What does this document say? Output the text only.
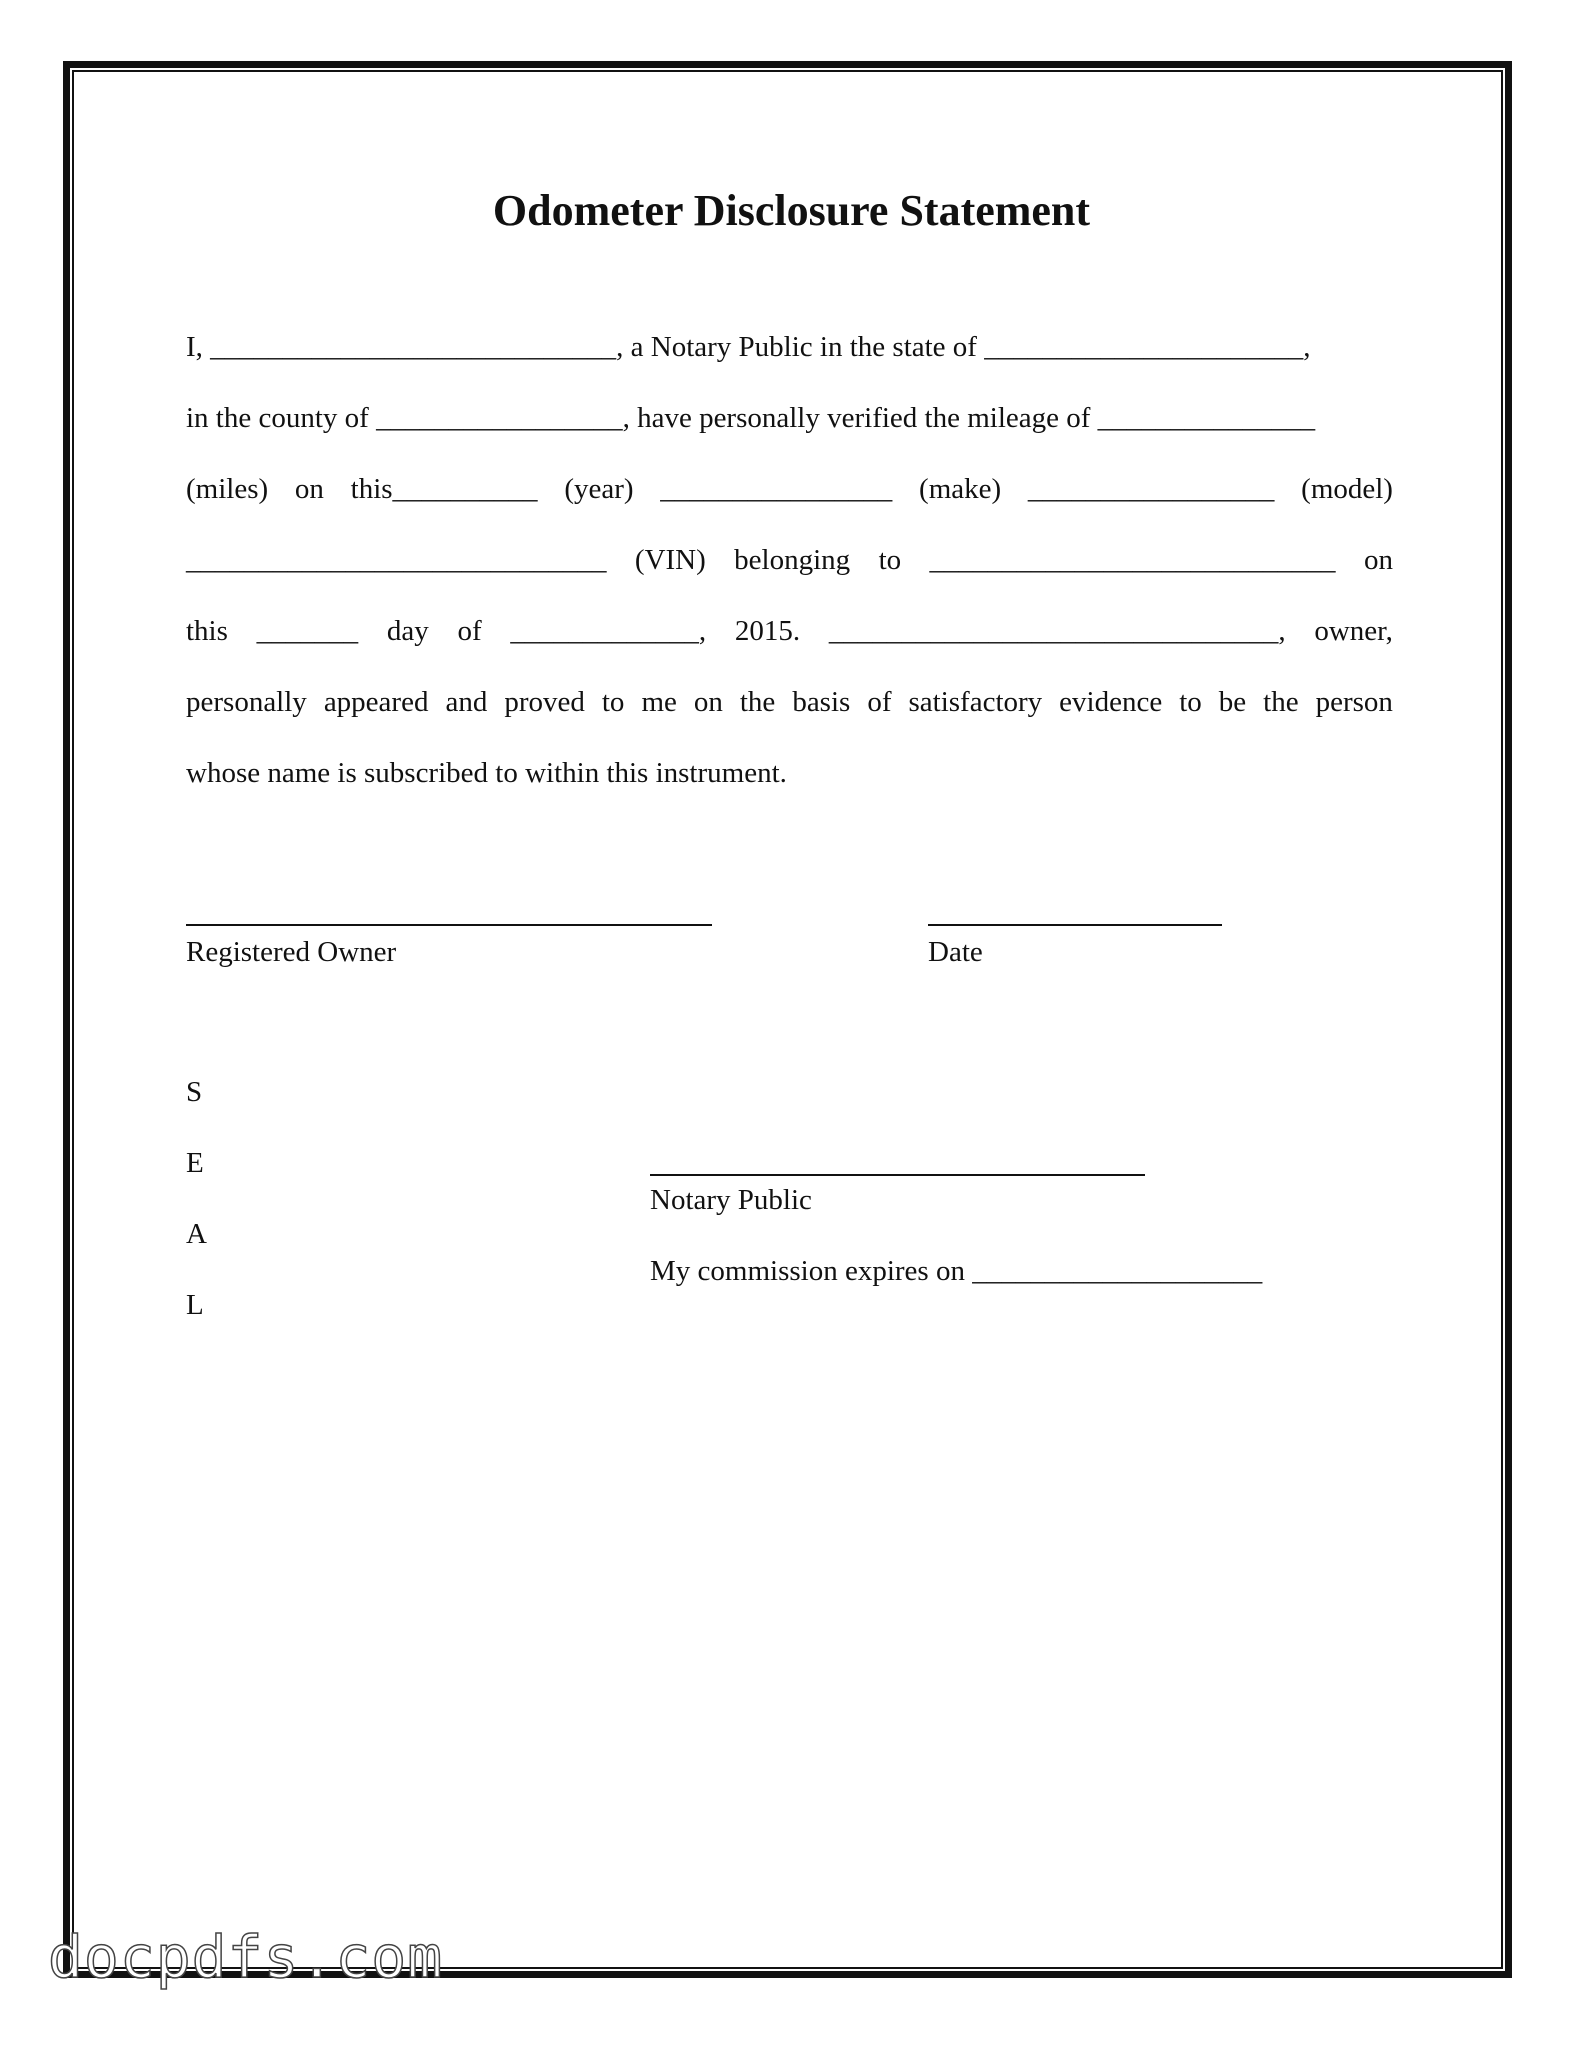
Odometer Disclosure Statement
I, ____________________________, a Notary Public in the state of ______________________,
in the county of _________________, have personally verified the mileage of _______________
(miles) on this__________ (year) ________________ (make) _________________ (model)
_____________________________ (VIN) belonging to ____________________________ on
this _______ day of _____________, 2015. _______________________________, owner,
personally appeared and proved to me on the basis of satisfactory evidence to be the person
whose name is subscribed to within this instrument.
Registered Owner	Date
Notary Public
My commission expires on ____________________
S
E
A
L
docpdfs.com
